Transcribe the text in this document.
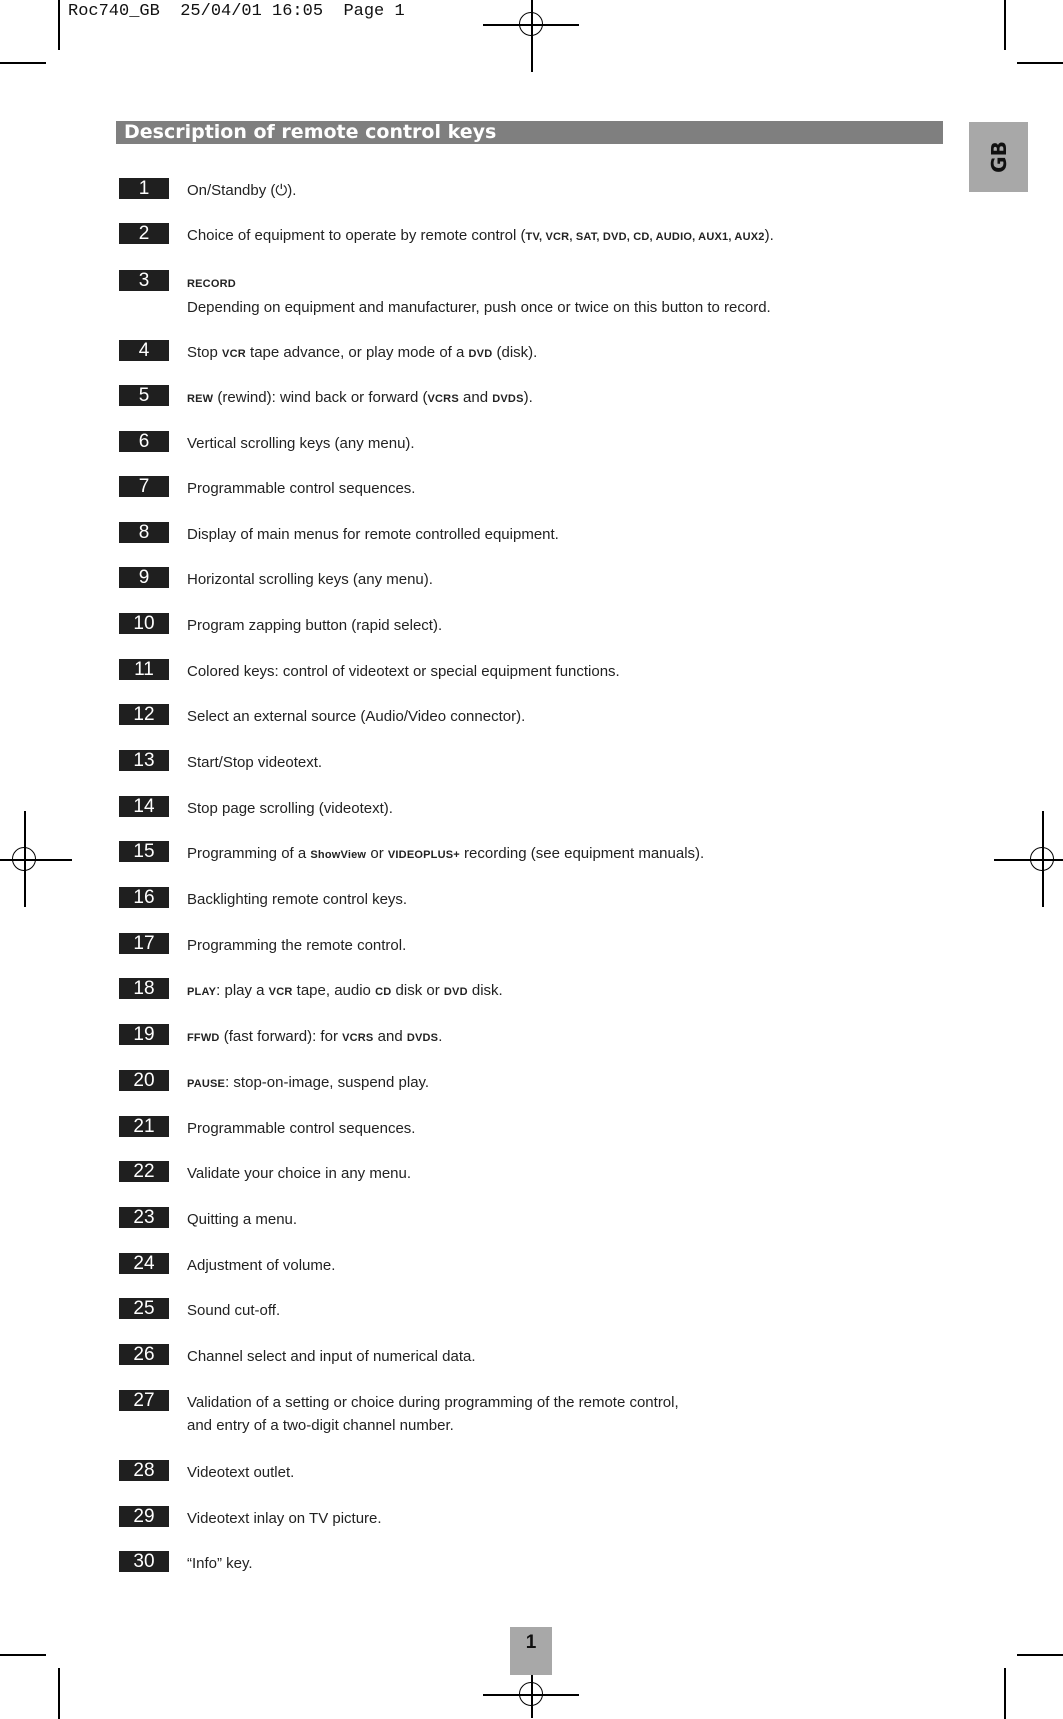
Roc740_GB  25/04/01 16:05  Page 1
Description of remote control keys
GB
1	On/Standby (⏻).
2	Choice of equipment to operate by remote control (TV, VCR, SAT, DVD, CD, AUDIO, AUX1, AUX2).
3	RECORD
Depending on equipment and manufacturer, push once or twice on this button to record.
4	Stop VCR tape advance, or play mode of a DVD (disk).
5	REW (rewind): wind back or forward (VCRS and DVDS).
6	Vertical scrolling keys (any menu).
7	Programmable control sequences.
8	Display of main menus for remote controlled equipment.
9	Horizontal scrolling keys (any menu).
10	Program zapping button (rapid select).
11	Colored keys: control of videotext or special equipment functions.
12	Select an external source (Audio/Video connector).
13	Start/Stop videotext.
14	Stop page scrolling (videotext).
15	Programming of a ShowView or VIDEOPLUS+ recording (see equipment manuals).
16	Backlighting remote control keys.
17	Programming the remote control.
18	PLAY: play a VCR tape, audio CD disk or DVD disk.
19	FFWD (fast forward): for VCRS and DVDS.
20	PAUSE: stop-on-image, suspend play.
21	Programmable control sequences.
22	Validate your choice in any menu.
23	Quitting a menu.
24	Adjustment of volume.
25	Sound cut-off.
26	Channel select and input of numerical data.
27	Validation of a setting or choice during programming of the remote control,
and entry of a two-digit channel number.
28	Videotext outlet.
29	Videotext inlay on TV picture.
30	“Info” key.
1
